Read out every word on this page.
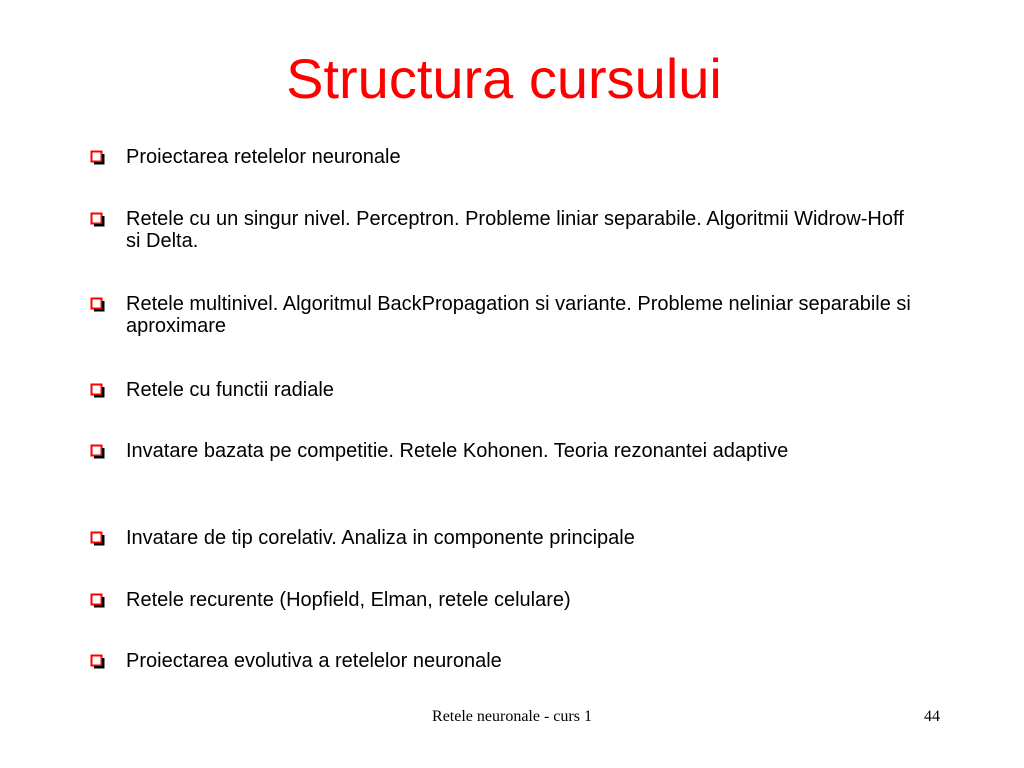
Structura cursului
Proiectarea retelelor neuronale
Retele cu un singur nivel. Perceptron. Probleme liniar separabile. Algoritmii Widrow-Hoff si Delta.
Retele multinivel. Algoritmul BackPropagation si variante. Probleme neliniar separabile si aproximare
Retele cu functii radiale
Invatare bazata pe competitie. Retele Kohonen. Teoria rezonantei adaptive
Invatare de tip corelativ. Analiza in componente principale
Retele recurente (Hopfield, Elman, retele celulare)
Proiectarea evolutiva a retelelor neuronale
Retele neuronale - curs 1	44
